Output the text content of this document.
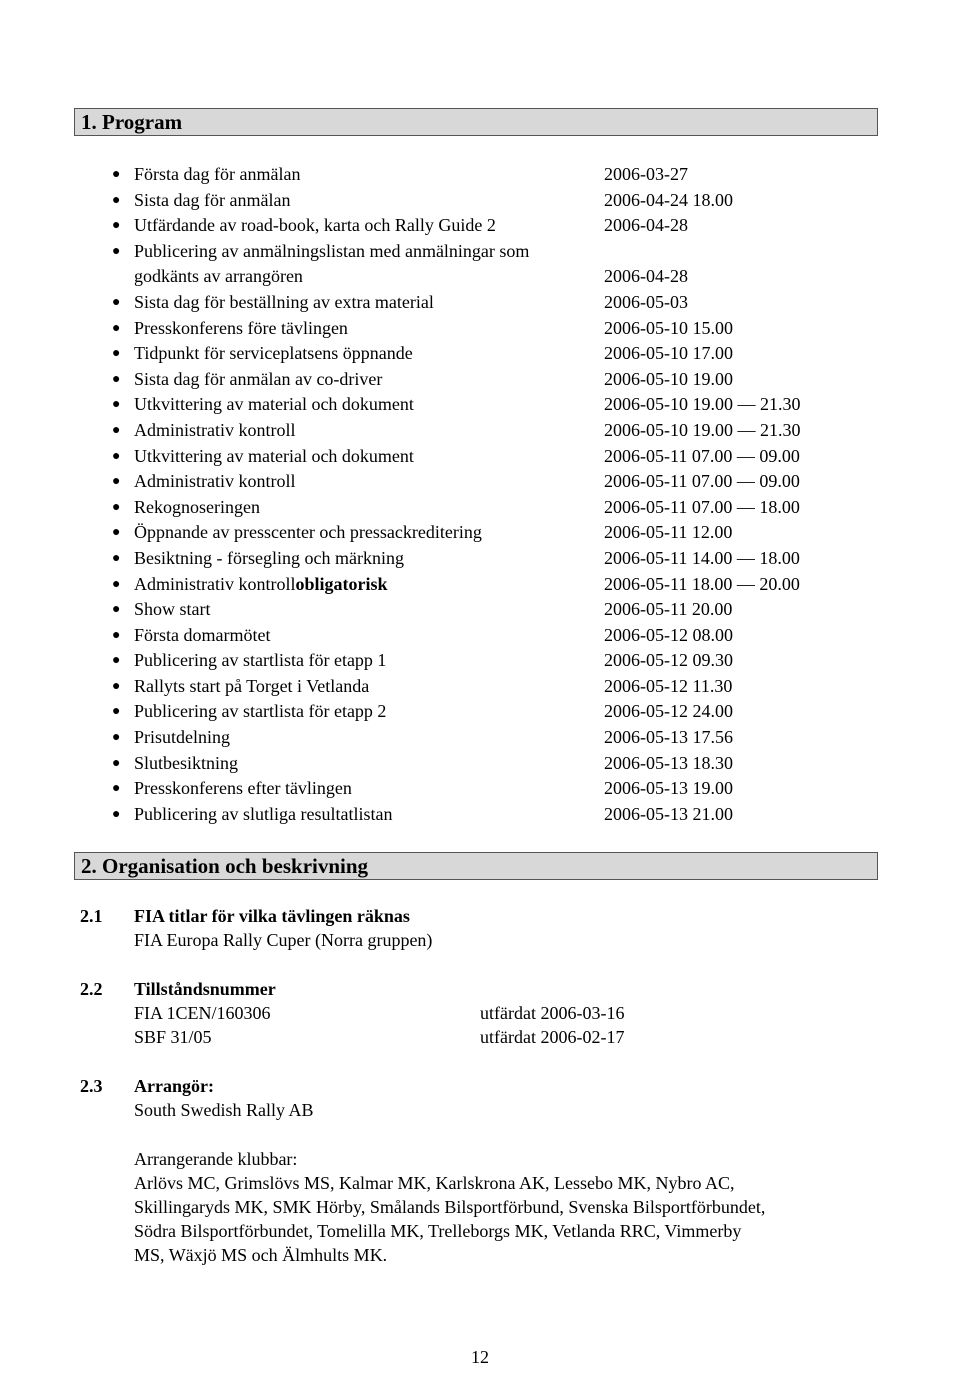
1. Program
● Första dag för anmälan	2006-03-27
● Sista dag för anmälan	2006-04-24 18.00
● Utfärdande av road-book, karta och Rally Guide 2	2006-04-28
● Publicering av anmälningslistan med anmälningar som
godkänts av arrangören	2006-04-28
● Sista dag för beställning av extra material	2006-05-03
● Presskonferens före tävlingen	2006-05-10 15.00
● Tidpunkt för serviceplatsens öppnande	2006-05-10 17.00
● Sista dag för anmälan av co-driver	2006-05-10 19.00
● Utkvittering av material och dokument	2006-05-10 19.00 — 21.30
● Administrativ kontroll	2006-05-10 19.00 — 21.30
● Utkvittering av material och dokument	2006-05-11 07.00 — 09.00
● Administrativ kontroll	2006-05-11 07.00 — 09.00
● Rekognoseringen	2006-05-11 07.00 — 18.00
● Öppnande av presscenter och pressackreditering	2006-05-11 12.00
● Besiktning - försegling och märkning	2006-05-11 14.00 — 18.00
● Administrativ kontroll obligatorisk	2006-05-11 18.00 — 20.00
● Show start	2006-05-11 20.00
● Första domarmötet	2006-05-12 08.00
● Publicering av startlista för etapp 1	2006-05-12 09.30
● Rallyts start på Torget i Vetlanda	2006-05-12 11.30
● Publicering av startlista för etapp 2	2006-05-12 24.00
● Prisutdelning	2006-05-13 17.56
● Slutbesiktning	2006-05-13 18.30
● Presskonferens efter tävlingen	2006-05-13 19.00
● Publicering av slutliga resultatlistan	2006-05-13 21.00
2. Organisation och beskrivning
2.1 FIA titlar för vilka tävlingen räknas
FIA Europa Rally Cuper (Norra gruppen)
2.2 Tillståndsnummer
FIA 1CEN/160306	utfärdat 2006-03-16
SBF 31/05	utfärdat 2006-02-17
2.3 Arrangör:
South Swedish Rally AB
Arrangerande klubbar:
Arlövs MC, Grimslövs MS, Kalmar MK, Karlskrona AK, Lessebo MK, Nybro AC,
Skillingaryds MK, SMK Hörby, Smålands Bilsportförbund, Svenska Bilsportförbundet,
Södra Bilsportförbundet, Tomelilla MK, Trelleborgs MK, Vetlanda RRC, Vimmerby
MS, Wäxjö MS och Älmhults MK.
12
